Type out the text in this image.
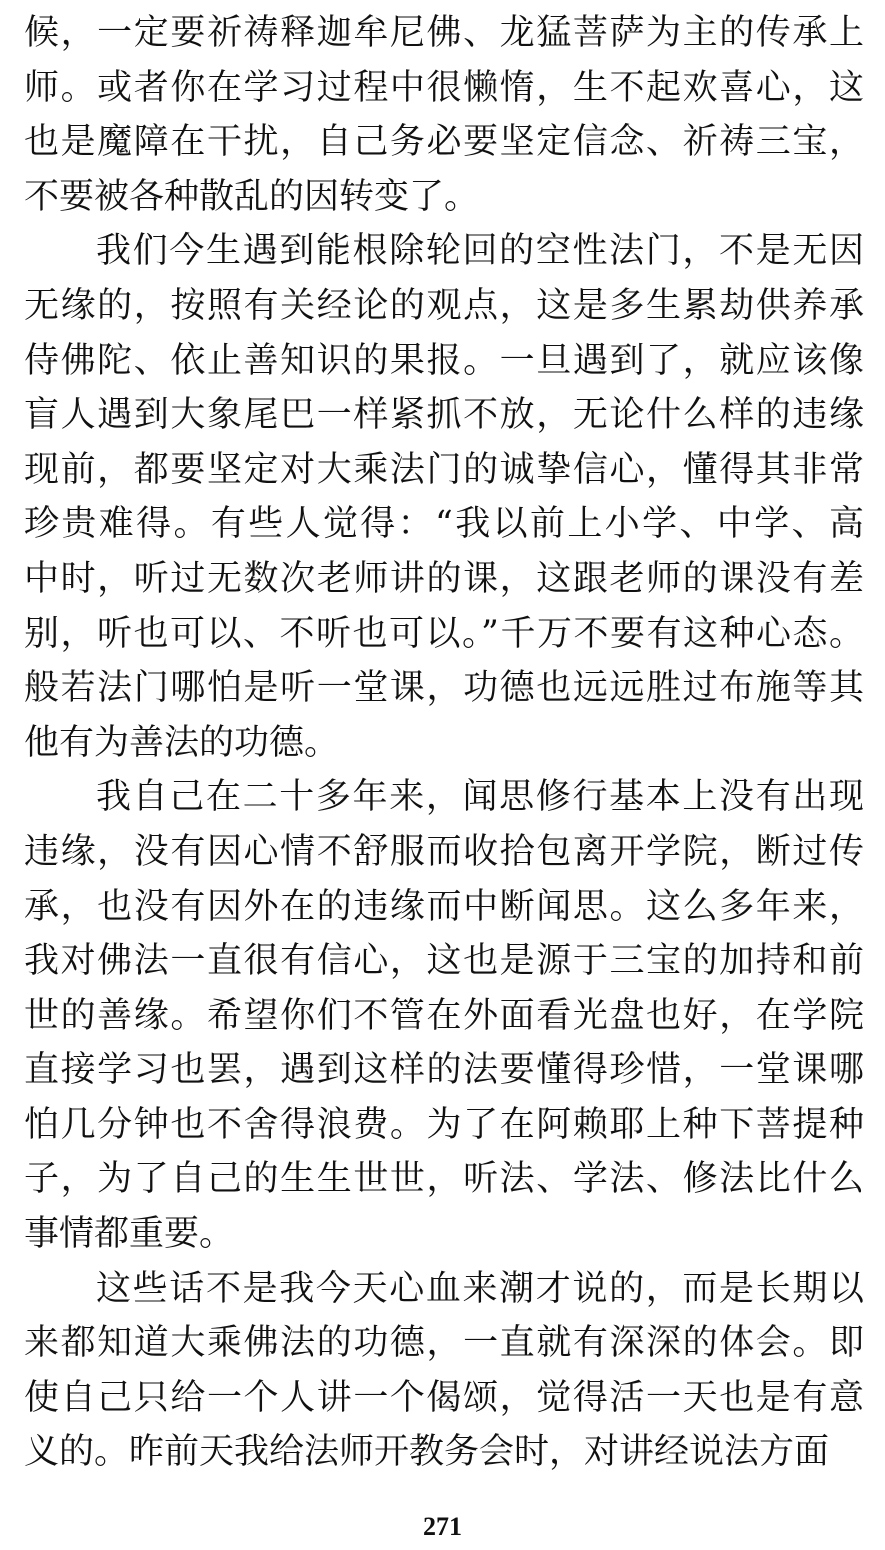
候，一定要祈祷释迦牟尼佛、龙猛菩萨为主的传承上
师。或者你在学习过程中很懒惰，生不起欢喜心，这
也是魔障在干扰，自己务必要坚定信念、祈祷三宝，
不要被各种散乱的因转变了。
我们今生遇到能根除轮回的空性法门，不是无因
无缘的，按照有关经论的观点，这是多生累劫供养承
侍佛陀、依止善知识的果报。一旦遇到了，就应该像
盲人遇到大象尾巴一样紧抓不放，无论什么样的违缘
现前，都要坚定对大乘法门的诚挚信心，懂得其非常
珍贵难得。有些人觉得：“我以前上小学、中学、高
中时，听过无数次老师讲的课，这跟老师的课没有差
别，听也可以、不听也可以。”千万不要有这种心态。
般若法门哪怕是听一堂课，功德也远远胜过布施等其
他有为善法的功德。
我自己在二十多年来，闻思修行基本上没有出现
违缘，没有因心情不舒服而收拾包离开学院，断过传
承，也没有因外在的违缘而中断闻思。这么多年来，
我对佛法一直很有信心，这也是源于三宝的加持和前
世的善缘。希望你们不管在外面看光盘也好，在学院
直接学习也罢，遇到这样的法要懂得珍惜，一堂课哪
怕几分钟也不舍得浪费。为了在阿赖耶上种下菩提种
子，为了自己的生生世世，听法、学法、修法比什么
事情都重要。
这些话不是我今天心血来潮才说的，而是长期以
来都知道大乘佛法的功德，一直就有深深的体会。即
使自己只给一个人讲一个偈颂，觉得活一天也是有意
义的。昨前天我给法师开教务会时，对讲经说法方面
271
